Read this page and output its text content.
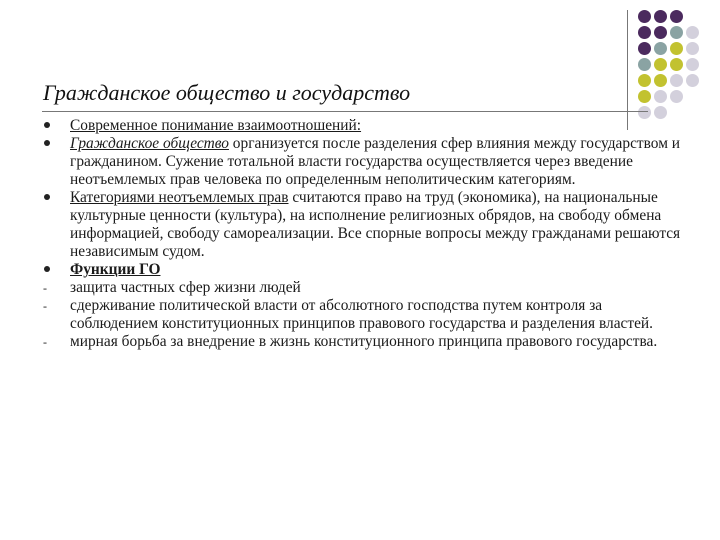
Гражданское общество и государство
Современное понимание взаимоотношений:
Гражданское общество организуется после разделения сфер влияния между государством и гражданином. Сужение тотальной власти государства осуществляется через введение неотъемлемых прав человека по определенным неполитическим категориям.
Категориями неотъемлемых прав считаются право на труд (экономика), на национальные культурные ценности (культура), на исполнение религиозных обрядов, на свободу обмена информацией, свободу самореализации. Все спорные вопросы между гражданами решаются независимым судом.
Функции ГО
-	защита частных сфер жизни людей
-	сдерживание политической власти от абсолютного господства путем контроля за соблюдением конституционных принципов правового государства и разделения властей.
-	мирная борьба за внедрение в жизнь конституционного принципа правового государства.
